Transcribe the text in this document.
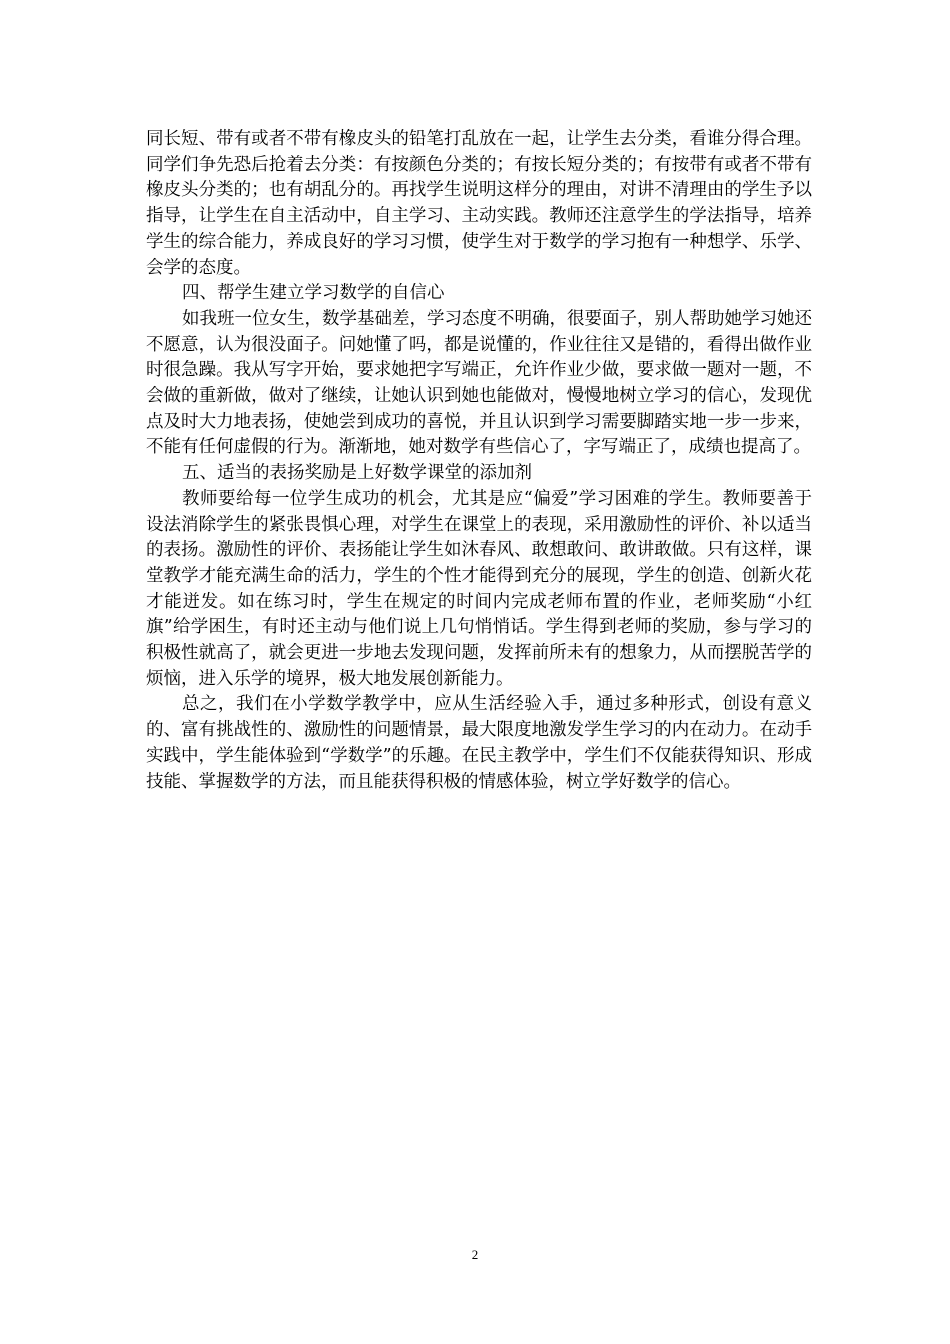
同长短、带有或者不带有橡皮头的铅笔打乱放在一起，让学生去分类，看谁分得合理。同学们争先恐后抢着去分类：有按颜色分类的；有按长短分类的；有按带有或者不带有橡皮头分类的；也有胡乱分的。再找学生说明这样分的理由，对讲不清理由的学生予以指导，让学生在自主活动中，自主学习、主动实践。教师还注意学生的学法指导，培养学生的综合能力，养成良好的学习习惯，使学生对于数学的学习抱有一种想学、乐学、会学的态度。

四、帮学生建立学习数学的自信心

如我班一位女生，数学基础差，学习态度不明确，很要面子，别人帮助她学习她还不愿意，认为很没面子。问她懂了吗，都是说懂的，作业往往又是错的，看得出做作业时很急躁。我从写字开始，要求她把字写端正，允许作业少做，要求做一题对一题，不会做的重新做，做对了继续，让她认识到她也能做对，慢慢地树立学习的信心，发现优点及时大力地表扬，使她尝到成功的喜悦，并且认识到学习需要脚踏实地一步一步来，不能有任何虚假的行为。渐渐地，她对数学有些信心了，字写端正了，成绩也提高了。

五、适当的表扬奖励是上好数学课堂的添加剂

教师要给每一位学生成功的机会，尤其是应“偏爱”学习困难的学生。教师要善于设法消除学生的紧张畏惧心理，对学生在课堂上的表现，采用激励性的评价、补以适当的表扬。激励性的评价、表扬能让学生如沐春风、敢想敢问、敢讲敢做。只有这样，课堂教学才能充满生命的活力，学生的个性才能得到充分的展现，学生的创造、创新火花才能迸发。如在练习时，学生在规定的时间内完成老师布置的作业，老师奖励“小红旗”给学困生，有时还主动与他们说上几句悄悄话。学生得到老师的奖励，参与学习的积极性就高了，就会更进一步地去发现问题，发挥前所未有的想象力，从而摆脱苦学的烦恼，进入乐学的境界，极大地发展创新能力。

总之，我们在小学数学教学中，应从生活经验入手，通过多种形式，创设有意义的、富有挑战性的、激励性的问题情景，最大限度地激发学生学习的内在动力。在动手实践中，学生能体验到“学数学”的乐趣。在民主教学中，学生们不仅能获得知识、形成技能、掌握数学的方法，而且能获得积极的情感体验，树立学好数学的信心。

2
